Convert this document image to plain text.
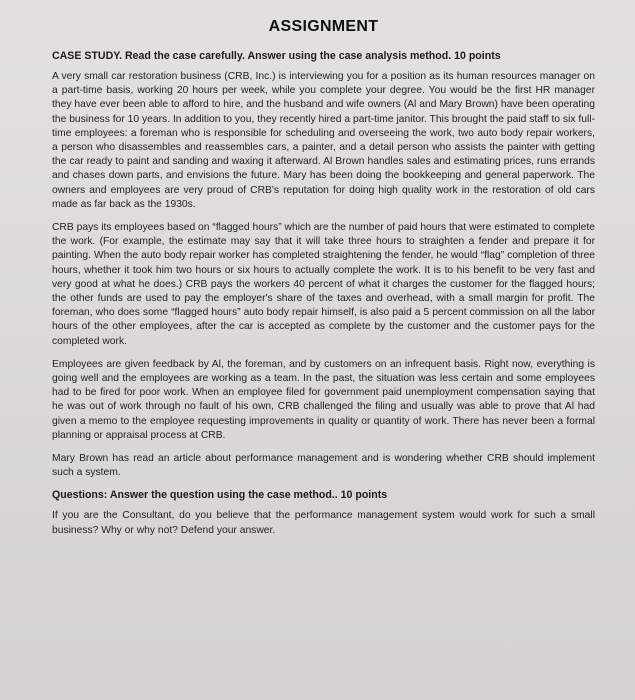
ASSIGNMENT
CASE STUDY. Read the case carefully. Answer using the case analysis method. 10 points

A very small car restoration business (CRB, Inc.) is interviewing you for a position as its human resources manager on a part-time basis, working 20 hours per week, while you complete your degree. You would be the first HR manager they have ever been able to afford to hire, and the husband and wife owners (Al and Mary Brown) have been operating the business for 10 years. In addition to you, they recently hired a part-time janitor. This brought the paid staff to six full-time employees: a foreman who is responsible for scheduling and overseeing the work, two auto body repair workers, a person who disassembles and reassembles cars, a painter, and a detail person who assists the painter with getting the car ready to paint and sanding and waxing it afterward. Al Brown handles sales and estimating prices, runs errands and chases down parts, and envisions the future. Mary has been doing the bookkeeping and general paperwork. The owners and employees are very proud of CRB's reputation for doing high quality work in the restoration of old cars made as far back as the 1930s.

CRB pays its employees based on “flagged hours” which are the number of paid hours that were estimated to complete the work. (For example, the estimate may say that it will take three hours to straighten a fender and prepare it for painting. When the auto body repair worker has completed straightening the fender, he would “flag” completion of three hours, whether it took him two hours or six hours to actually complete the work. It is to his benefit to be very fast and very good at what he does.) CRB pays the workers 40 percent of what it charges the customer for the flagged hours; the other funds are used to pay the employer's share of the taxes and overhead, with a small margin for profit. The foreman, who does some “flagged hours” auto body repair himself, is also paid a 5 percent commission on all the labor hours of the other employees, after the car is accepted as complete by the customer and the customer pays for the completed work.

Employees are given feedback by Al, the foreman, and by customers on an infrequent basis. Right now, everything is going well and the employees are working as a team. In the past, the situation was less certain and some employees had to be fired for poor work. When an employee filed for government paid unemployment compensation saying that he was out of work through no fault of his own, CRB challenged the filing and usually was able to prove that Al had given a memo to the employee requesting improvements in quality or quantity of work. There has never been a formal planning or appraisal process at CRB.

Mary Brown has read an article about performance management and is wondering whether CRB should implement such a system.

Questions: Answer the question using the case method.. 10 points

If you are the Consultant, do you believe that the performance management system would work for such a small business? Why or why not? Defend your answer.
